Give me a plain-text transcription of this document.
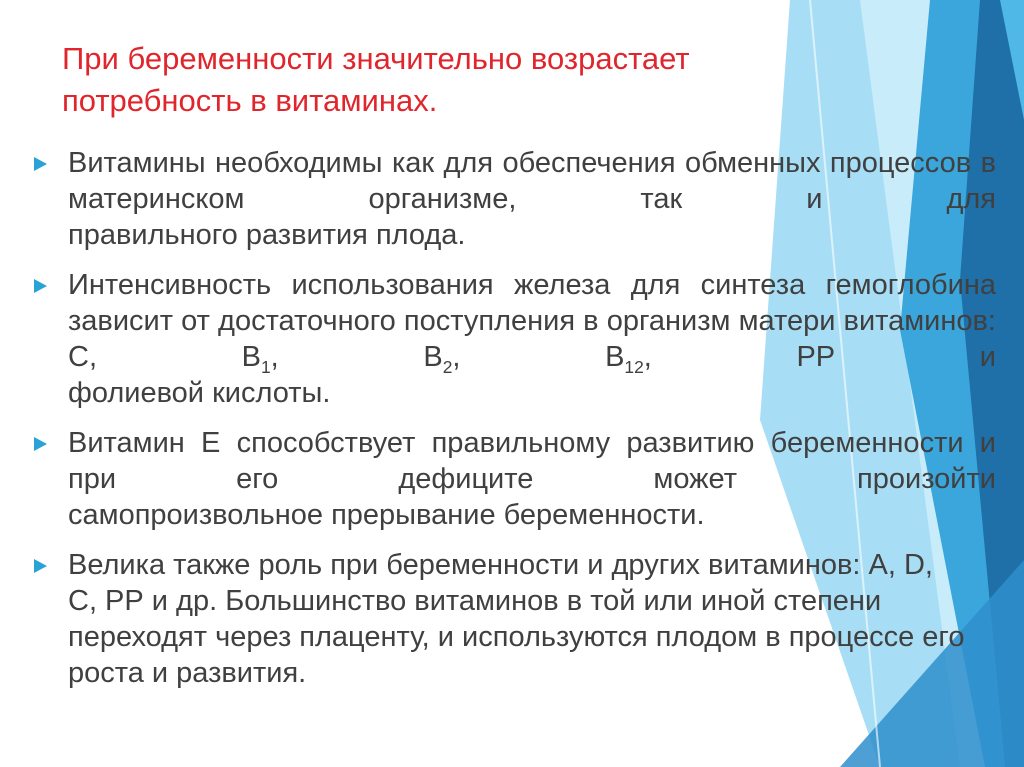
При беременности значительно возрастает потребность в витаминах.
Витамины необходимы как для обеспечения обменных процессов в материнском организме, так и для
правильного развития плода.
Интенсивность использования железа для синтеза гемоглобина зависит от достаточного поступления в организм матери витаминов: С, $В_1$, $В_2$, $В_{12}$, РР и
фолиевой кислоты.
Витамин Е способствует правильному развитию беременности и при его дефиците может произойти
самопроизвольное прерывание беременности.
Велика также роль при беременности и других витаминов: А, D, С, РР и др. Большинство витаминов в той или иной степени переходят через плаценту, и используются плодом в процессе его роста и развития.
